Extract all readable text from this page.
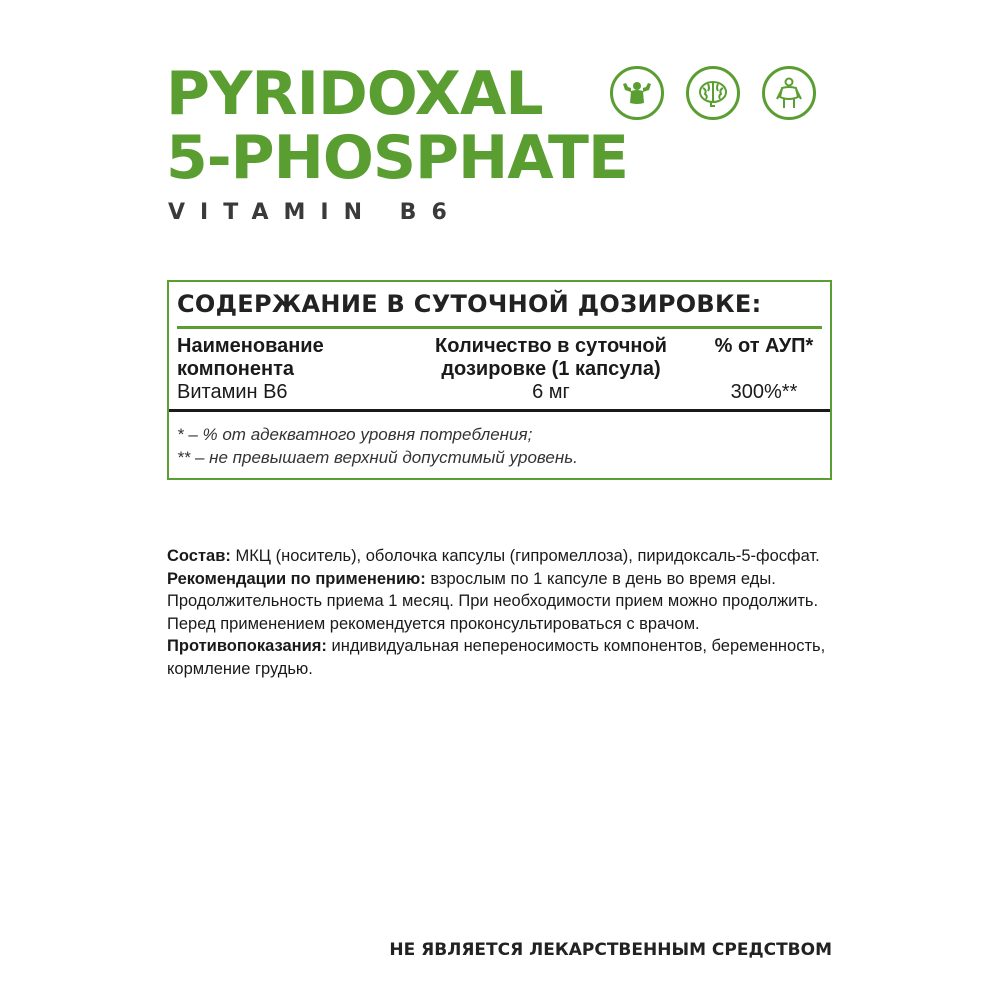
PYRIDOXAL
5-PHOSPHATE
VITAMIN B6
СОДЕРЖАНИЕ В СУТОЧНОЙ ДОЗИРОВКЕ:
Наименование
компонента
Количество в суточной
дозировке (1 капсула)
% от АУП*
Витамин В6	6 мг	300%**
* – % от адекватного уровня потребления;
** – не превышает верхний допустимый уровень.

Состав: МКЦ (носитель), оболочка капсулы (гипромеллоза), пиридоксаль-5-фосфат.

Рекомендации по применению: взрослым по 1 капсуле в день во время еды. Продолжительность приема 1 месяц. При необходимости прием можно продолжить. Перед применением рекомендуется проконсультироваться с врачом.

Противопоказания: индивидуальная непереносимость компонентов, беременность, кормление грудью.

НЕ ЯВЛЯЕТСЯ ЛЕКАРСТВЕННЫМ СРЕДСТВОМ
